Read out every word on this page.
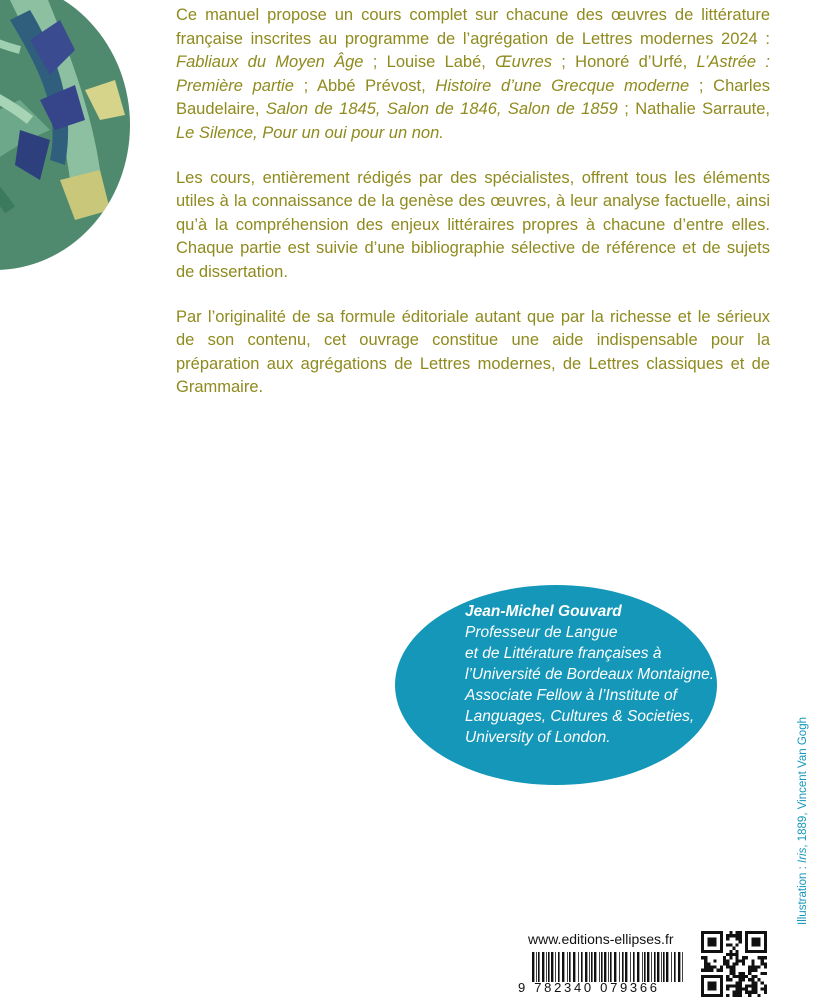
Ce manuel propose un cours complet sur chacune des œuvres de littérature française inscrites au programme de l’agrégation de Lettres modernes 2024 : Fabliaux du Moyen Âge ; Louise Labé, Œuvres ; Honoré d’Urfé, L’Astrée : Première partie ; Abbé Prévost, Histoire d’une Grecque moderne ; Charles Baudelaire, Salon de 1845, Salon de 1846, Salon de 1859 ; Nathalie Sarraute, Le Silence, Pour un oui pour un non.

Les cours, entièrement rédigés par des spécialistes, offrent tous les éléments utiles à la connaissance de la genèse des œuvres, à leur analyse factuelle, ainsi qu’à la compréhension des enjeux littéraires propres à chacune d’entre elles. Chaque partie est suivie d’une bibliographie sélective de référence et de sujets de dissertation.

Par l’originalité de sa formule éditoriale autant que par la richesse et le sérieux de son contenu, cet ouvrage constitue une aide indispensable pour la préparation aux agrégations de Lettres modernes, de Lettres classiques et de Grammaire.

Jean-Michel Gouvard
Professeur de Langue
et de Littérature françaises à
l’Université de Bordeaux Montaigne.
Associate Fellow à l’Institute of
Languages, Cultures & Societies,
University of London.
Illustration : Iris, 1889, Vincent Van Gogh
www.editions-ellipses.fr
9 782340 079366
